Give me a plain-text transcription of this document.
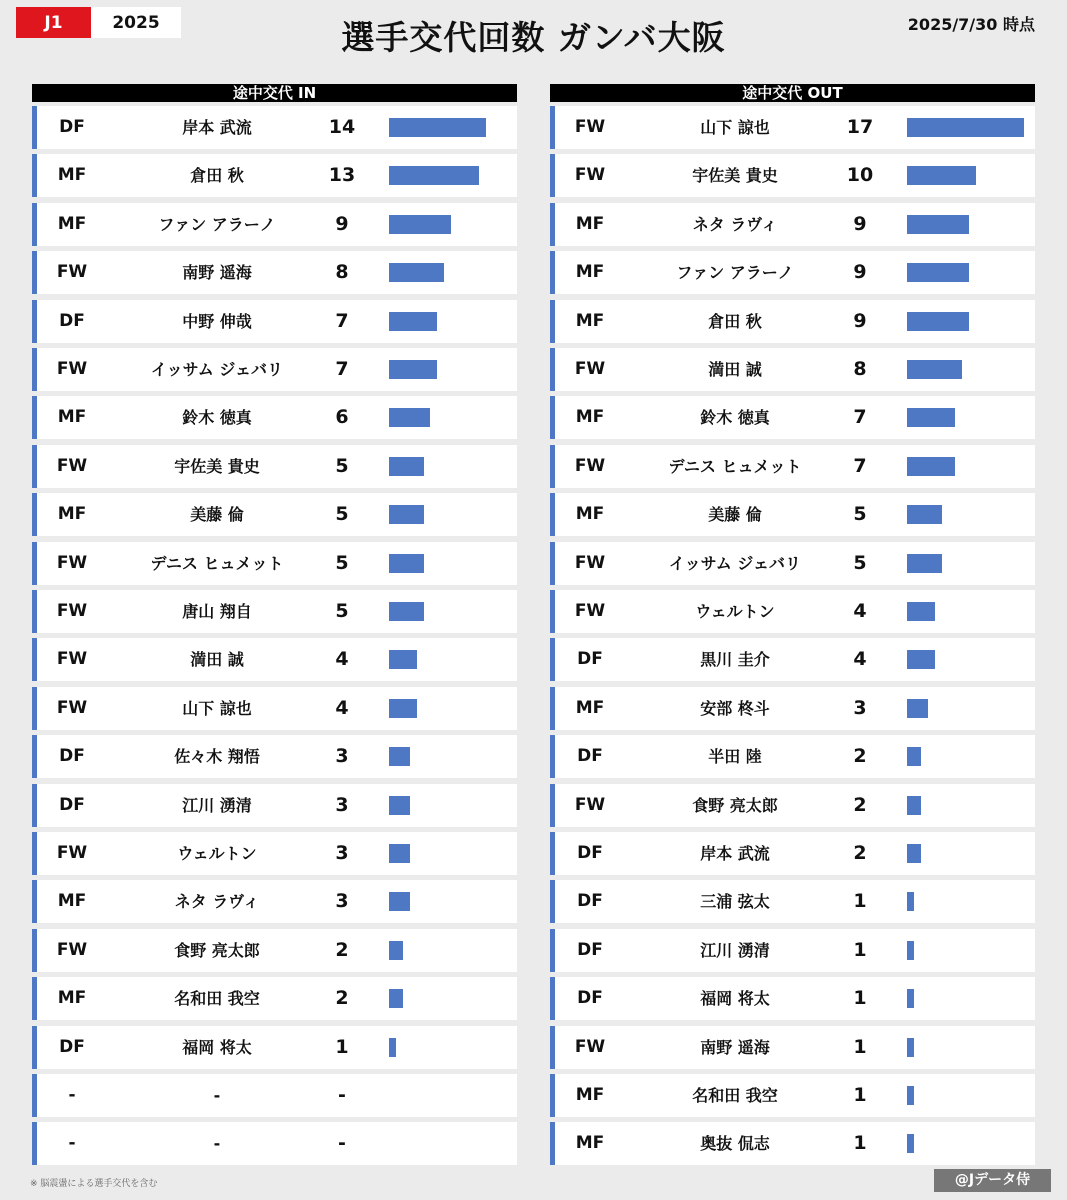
J1	2025	選手交代回数 ガンバ大阪	2025/7/30 時点
途中交代 IN
DF	岸本 武流	14
MF	倉田 秋	13
MF	ファン アラーノ	9
FW	南野 遥海	8
DF	中野 伸哉	7
FW	イッサム ジェバリ	7
MF	鈴木 徳真	6
FW	宇佐美 貴史	5
MF	美藤 倫	5
FW	デニス ヒュメット	5
FW	唐山 翔自	5
FW	満田 誠	4
FW	山下 諒也	4
DF	佐々木 翔悟	3
DF	江川 湧清	3
FW	ウェルトン	3
MF	ネタ ラヴィ	3
FW	食野 亮太郎	2
MF	名和田 我空	2
DF	福岡 将太	1
-	-	-
-	-	-
途中交代 OUT
FW	山下 諒也	17
FW	宇佐美 貴史	10
MF	ネタ ラヴィ	9
MF	ファン アラーノ	9
MF	倉田 秋	9
FW	満田 誠	8
MF	鈴木 徳真	7
FW	デニス ヒュメット	7
MF	美藤 倫	5
FW	イッサム ジェバリ	5
FW	ウェルトン	4
DF	黒川 圭介	4
MF	安部 柊斗	3
DF	半田 陸	2
FW	食野 亮太郎	2
DF	岸本 武流	2
DF	三浦 弦太	1
DF	江川 湧清	1
DF	福岡 将太	1
FW	南野 遥海	1
MF	名和田 我空	1
MF	奥抜 侃志	1
※ 脳震盪による選手交代を含む	@Jデータ侍
